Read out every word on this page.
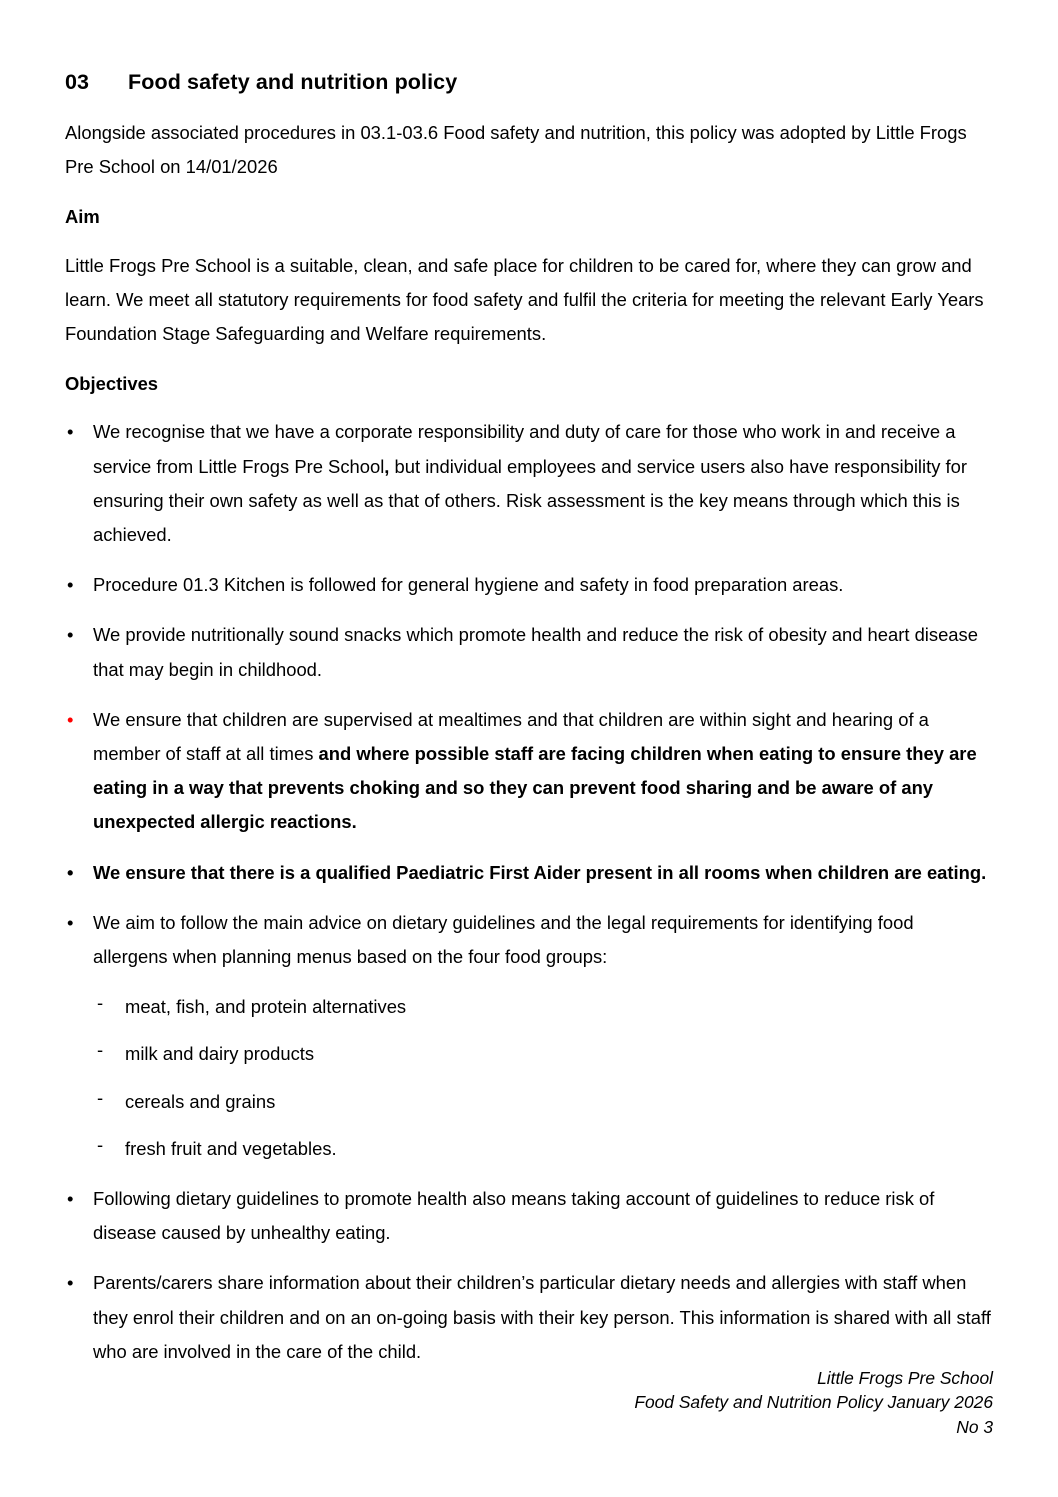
03 Food safety and nutrition policy

Alongside associated procedures in 03.1-03.6 Food safety and nutrition, this policy was adopted by Little Frogs Pre School on 14/01/2026

Aim

Little Frogs Pre School is a suitable, clean, and safe place for children to be cared for, where they can grow and learn. We meet all statutory requirements for food safety and fulfil the criteria for meeting the relevant Early Years Foundation Stage Safeguarding and Welfare requirements.

Objectives
•	We recognise that we have a corporate responsibility and duty of care for those who work in and receive a service from Little Frogs Pre School, but individual employees and service users also have responsibility for ensuring their own safety as well as that of others. Risk assessment is the key means through which this is achieved.
•	Procedure 01.3 Kitchen is followed for general hygiene and safety in food preparation areas.
•	We provide nutritionally sound snacks which promote health and reduce the risk of obesity and heart disease that may begin in childhood.
•	We ensure that children are supervised at mealtimes and that children are within sight and hearing of a member of staff at all times and where possible staff are facing children when eating to ensure they are eating in a way that prevents choking and so they can prevent food sharing and be aware of any unexpected allergic reactions.
•	We ensure that there is a qualified Paediatric First Aider present in all rooms when children are eating.
•	We aim to follow the main advice on dietary guidelines and the legal requirements for identifying food allergens when planning menus based on the four food groups:
- meat, fish, and protein alternatives
- milk and dairy products
- cereals and grains
- fresh fruit and vegetables.
•	Following dietary guidelines to promote health also means taking account of guidelines to reduce risk of disease caused by unhealthy eating.
•	Parents/carers share information about their children’s particular dietary needs and allergies with staff when they enrol their children and on an on-going basis with their key person. This information is shared with all staff who are involved in the care of the child.
Little Frogs Pre School
Food Safety and Nutrition Policy January 2026
No 3
